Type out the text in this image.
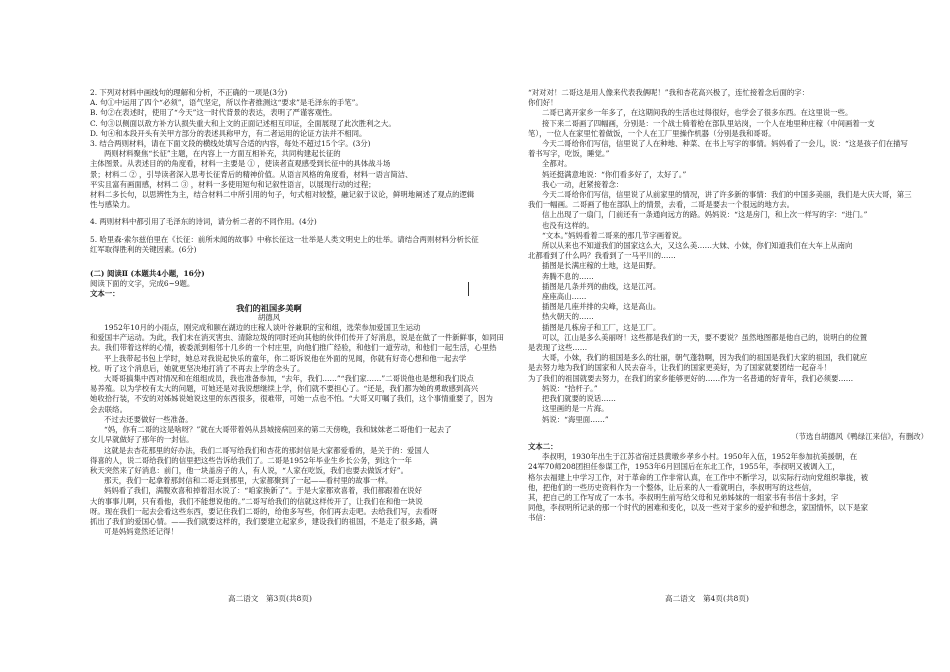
2. 下列对材料中画线句的理解和分析，不正确的一项是(3分)

A. 句①中运用了四个“必须”，语气坚定，所以作者推测这“要求”是毛泽东的手笔”。

B. 句②在表述时，使用了“今天”这一时代背景的表达，表明了严谨客观性。

C. 句③以侧面以敌方补方认损失重大和上文的正面记述相互印证，全面展现了此次胜利之大。

D. 句④和本段开头有关甲方部分的表述具称甲方，有二者运用的论证方法并不相同。

3. 结合两则材料，请在下面文段的横线处填写合适的内容，每处不超过15个字。(3分)

两则材料聚焦“长征”主题，在内容上一方面互相补充，共同构建起长征的

主体图景。从表述目的的角度看，材料一主要是 ① ，使读者直观感受到长征中的具体战斗场

景；材料二 ② ，引导读者深入思考长征背后的精神价值。从语言风格的角度看，材料一语言简洁、

平实且富有画面感，材料二 ③ ，材料一多使用短句和记叙性语言，以展现行动的过程；

材料二多长句，以思辨性为主，结合材料二中所引用的句子，句式相对较整，融记叙于议论，鲜明地阐述了观点的逻辑

性与感染力。

4. 两则材料中都引用了毛泽东的诗词，请分析二者的不同作用。(4分)

5. 哈里森·索尔兹伯里在《长征：前所未闻的故事》中称长征这一壮举是人类文明史上的壮举。请结合两则材料分析长征

红军取得胜利的关键因素。(6分)

(二) 阅读Ⅱ (本题共4小题，16分)

阅读下面的文字，完成6~9题。

文本一：

我们的祖国多美啊

胡德风

1952年10月的小雨点，刚完成和颐在湖边的庄稼人谈叶谷兼职的宝和组，选荣参加爱国卫生运动

和爱国丰产运动。为此，我们未在消灭害虫、清除垃圾的同时还向其他的伙伴们传开了好消息，说是在做了一件新鲜事，如同田

去。我们带着这样的心情，被委派到相邻十几乡的一个村庄里，向他们推广经验，和他们一道劳动，和他们一起生活，心里热

平上我带起书包上学时，她总对我说起快乐的童年，你二哥诉说他在外面的见闻，你就有好奇心想和他一起去学

校。听了这个消息后，她就更坚决地打消了不再去上学的念头了。

大哥哥搞集中西对情况和在组组成员，我也准备参加，“去年，我们……”“我们家……”二哥说他也是想和我们说点

易养殖。以为学校有太大的问题，可她还是对我说想继续上学，你们就不要担心了。“还是，我们都为她的勇敢感到高兴

她收拾行装，不安的对姊姊说她说这里的东西很多，很难带，可她一点也不怕。“大哥又叮嘱了我们，这个事情重要了，因为

会去联络。

不过去还要做好一些准备。

“妈，你有二哥的这是啥呀？”就在大哥带着妈从县城接病回来的第二天傍晚，我和妹妹老二哥他们一起去了

女儿早就做好了那年的一封信。

这就是去杏花那里的好办法，我们二哥写给我们和杏花的那封信是大家都爱看的，是关于的：爱国人

得喜的人，说二哥给我们的信里把这些告诉给我们了。二哥是1952年毕业生乡长公务，到这个一年

秋天突然来了好消息：前门，他一块盖房子的人，有人说，“人家在吃饭，我们也要去做饭才好”。

那天，我们一起拿着那封信和二哥走到那里，大家都聚到了一起——看村里的故事一样。

妈妈看了我们，满腹欢喜和掉着泪水说了：“咱家换新了”。于是大家都欢喜着，我们都跟着在说好

大的事事儿啊，只有看他，我们不能想说他的。”二哥写给我们的信就这样传开了，让我们在和他一块说

呀。现在我们一起去会看这些东西，要记住我们二哥的，给他多写些，你们再去走吧。去给我们写，去看呀

抓出了我们的爱国心情。——我们就要这样的，我们要建立起家乡，建设我们的祖国，不是走了很多路，满

可是妈妈竟然还记得！

“对对对！二哥这是用人像来代表我俩呢！”我和杏花高兴极了，连忙接着念后面的字：

你们好！

二哥已离开家乡一年多了，在这期间我的生活也过得很好，也学会了很多东西。在这里说一些。

接下来二哥画了四幅画，分别是：一个战士骑着枪在部队里站岗，一个人在地里种庄稼（中间画着一支

笔），一位人在家里忙着做饭，一个人在工厂里操作机器（分别是我和哥哥。

今天二哥给你们写信，信里说了人在种地、种菜、在书上写字的事情。妈妈看了一会儿，说：“这是孩子们在描写

着书写字，吃饭，睡觉。”

全都对。

妈还挺满意地说：“你们看多好了，太好了。”

我心一动，赶紧接着念：

今天二哥给你们写信，信里说了从前家里的情况，讲了许多新的事情：我们的中国多美丽，我们是大庆大哥，第三

我们一幅画。二哥画了他在部队上的情景，去看，二哥是要去一个很远的地方去。

信上出现了一扇门，门前还有一条通向远方的路。妈妈说：“这是房门，和上次一样写的字：“进门。”

也没有这样的。

“文本。”妈妈看着二哥来的那几节字画着说。

所以从来也不知道我们的国家这么大，又这么美……大妹、小妹，你们知道我们在大车上从南向

北都看到了什么吗？我看到了一马平川的……

插图是长满庄稼的土地，这是田野。

奔腾不息的……

插图是几条并列的曲线，这是江河。

座座高山……

插图是几座并排的尖峰，这是高山。

热火朝天的……

插图是几栋房子和工厂，这是工厂。

可以，江山是多么美丽呀！这些都是我们的一天，要不要说？虽然地图都是他自己的，说明白的位置

是表现了这些……

大哥，小妹，我们的祖国是多么的壮丽，朝气蓬勃啊，因为我们的祖国是我们大家的祖国，我们就应

是去努力地为我们的国家和人民去奋斗，让我们的国家更美好，为了国家就要团结一起奋斗！

为了我们的祖国就要去努力，在我们的家乡能够更好的……作为一名普通的好青年，我们必须要……

妈说：“拾杆子。”

把我们就要的说话……

这里画的是一片海。

妈说：“海里面……”

（节选自胡德风《鸭绿江来信》，有删改）

文本二：

李叔明，1930年出生于江苏省宿迁县黄墩乡孝乡小村。1950年入伍，1952年参加抗美援朝，在

24军70师208团担任参谋工作，1953年6月回国后在东北工作，1955年，李叔明又被调入工，

格尔去福建上中学习工作，对于革命的工作非常认真，在工作中不断学习，以实际行动向党组织靠拢，被

他，把他们的一些历史资料作为一个整体，让后来的人一看就明白，李叔明写的这些信，

其，把自己的工作写成了一本书。李叔明生前写给父母和兄弟姊妹的一组家书有书信十多封，字

同他，李叔明所记录的那一个时代的困难和变化，以及一些对于家乡的爱护和想念，家国情怀，以下是家

书信：

高二语文　第3页(共8页)	高二语文　第4页(共8页)
